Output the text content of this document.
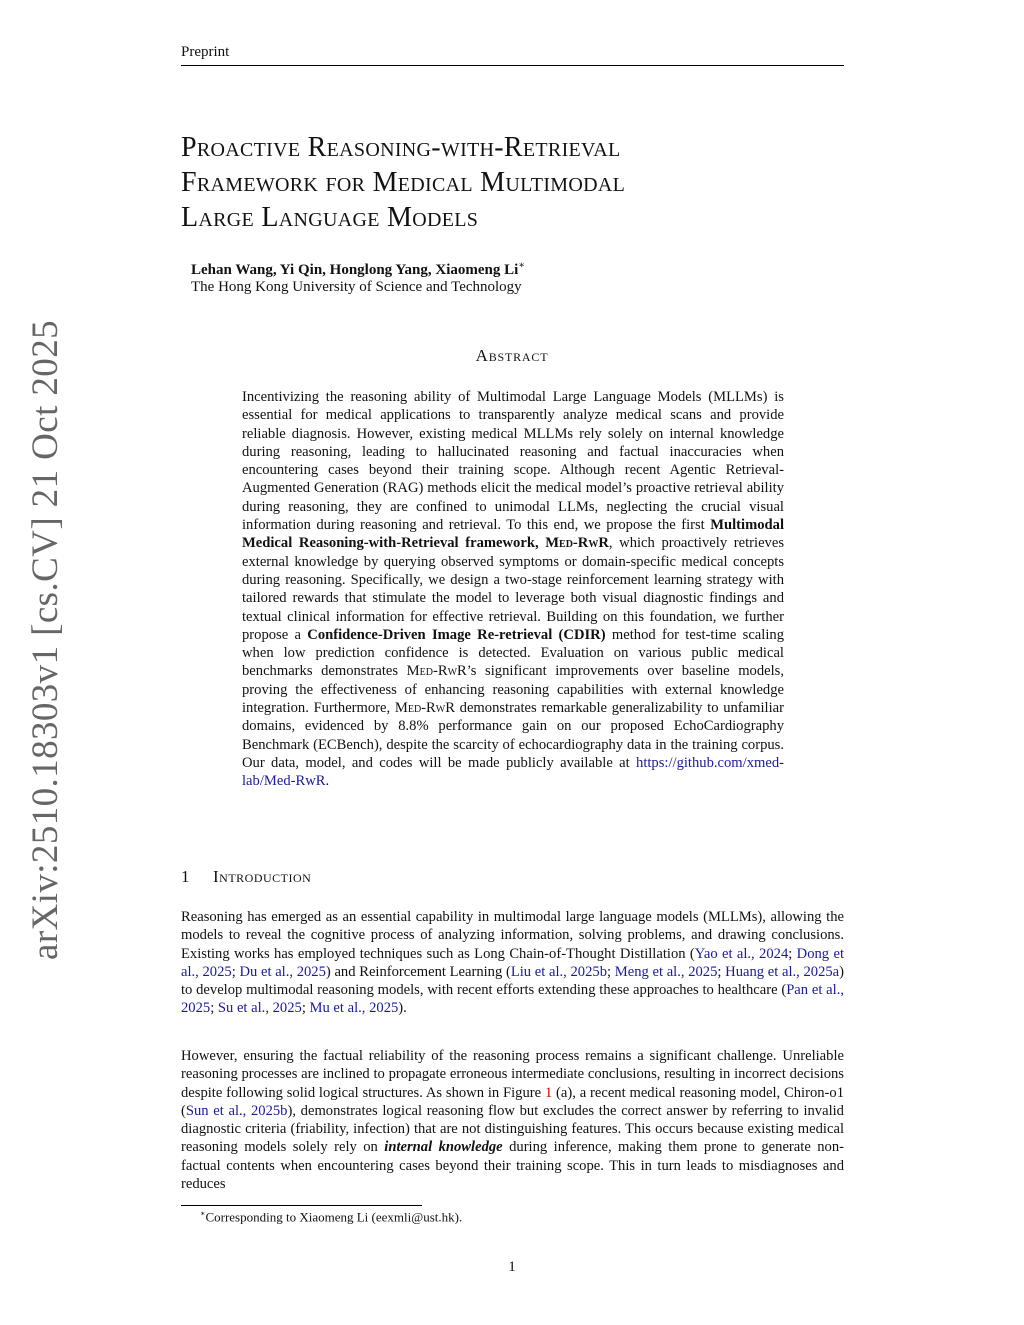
Preprint
arXiv:2510.18303v1 [cs.CV] 21 Oct 2025
Proactive Reasoning-with-Retrieval
Framework for Medical Multimodal
Large Language Models
Lehan Wang, Yi Qin, Honglong Yang, Xiaomeng Li∗
The Hong Kong University of Science and Technology
Abstract

Incentivizing the reasoning ability of Multimodal Large Language Models (MLLMs) is essential for medical applications to transparently analyze medical scans and provide reliable diagnosis. However, existing medical MLLMs rely solely on internal knowledge during reasoning, leading to hallucinated reasoning and factual inaccuracies when encountering cases beyond their training scope. Although recent Agentic Retrieval-Augmented Generation (RAG) methods elicit the medical model’s proactive retrieval ability during reasoning, they are confined to unimodal LLMs, neglecting the crucial visual information during reasoning and retrieval. To this end, we propose the first Multimodal Medical Reasoning-with-Retrieval framework, Med-RwR, which proactively retrieves external knowledge by querying observed symptoms or domain-specific medical concepts during reasoning. Specifically, we design a two-stage reinforcement learning strategy with tailored rewards that stimulate the model to leverage both visual diagnostic findings and textual clinical information for effective retrieval. Building on this foundation, we further propose a Confidence-Driven Image Re-retrieval (CDIR) method for test-time scaling when low prediction confidence is detected. Evaluation on various public medical benchmarks demonstrates Med-RwR’s significant improvements over baseline models, proving the effectiveness of enhancing reasoning capabilities with external knowledge integration. Furthermore, Med-RwR demonstrates remarkable generalizability to unfamiliar domains, evidenced by 8.8% performance gain on our proposed EchoCardiography Benchmark (ECBench), despite the scarcity of echocardiography data in the training corpus. Our data, model, and codes will be made publicly available at https://github.com/xmed-lab/Med-RwR.

1 Introduction

Reasoning has emerged as an essential capability in multimodal large language models (MLLMs), allowing the models to reveal the cognitive process of analyzing information, solving problems, and drawing conclusions. Existing works has employed techniques such as Long Chain-of-Thought Distillation (Yao et al., 2024; Dong et al., 2025; Du et al., 2025) and Reinforcement Learning (Liu et al., 2025b; Meng et al., 2025; Huang et al., 2025a) to develop multimodal reasoning models, with recent efforts extending these approaches to healthcare (Pan et al., 2025; Su et al., 2025; Mu et al., 2025).

However, ensuring the factual reliability of the reasoning process remains a significant challenge. Unreliable reasoning processes are inclined to propagate erroneous intermediate conclusions, resulting in incorrect decisions despite following solid logical structures. As shown in Figure 1 (a), a recent medical reasoning model, Chiron-o1 (Sun et al., 2025b), demonstrates logical reasoning flow but excludes the correct answer by referring to invalid diagnostic criteria (friability, infection) that are not distinguishing features. This occurs because existing medical reasoning models solely rely on internal knowledge during inference, making them prone to generate non-factual contents when encountering cases beyond their training scope. This in turn leads to misdiagnoses and reduces

∗Corresponding to Xiaomeng Li (eexmli@ust.hk).
1
